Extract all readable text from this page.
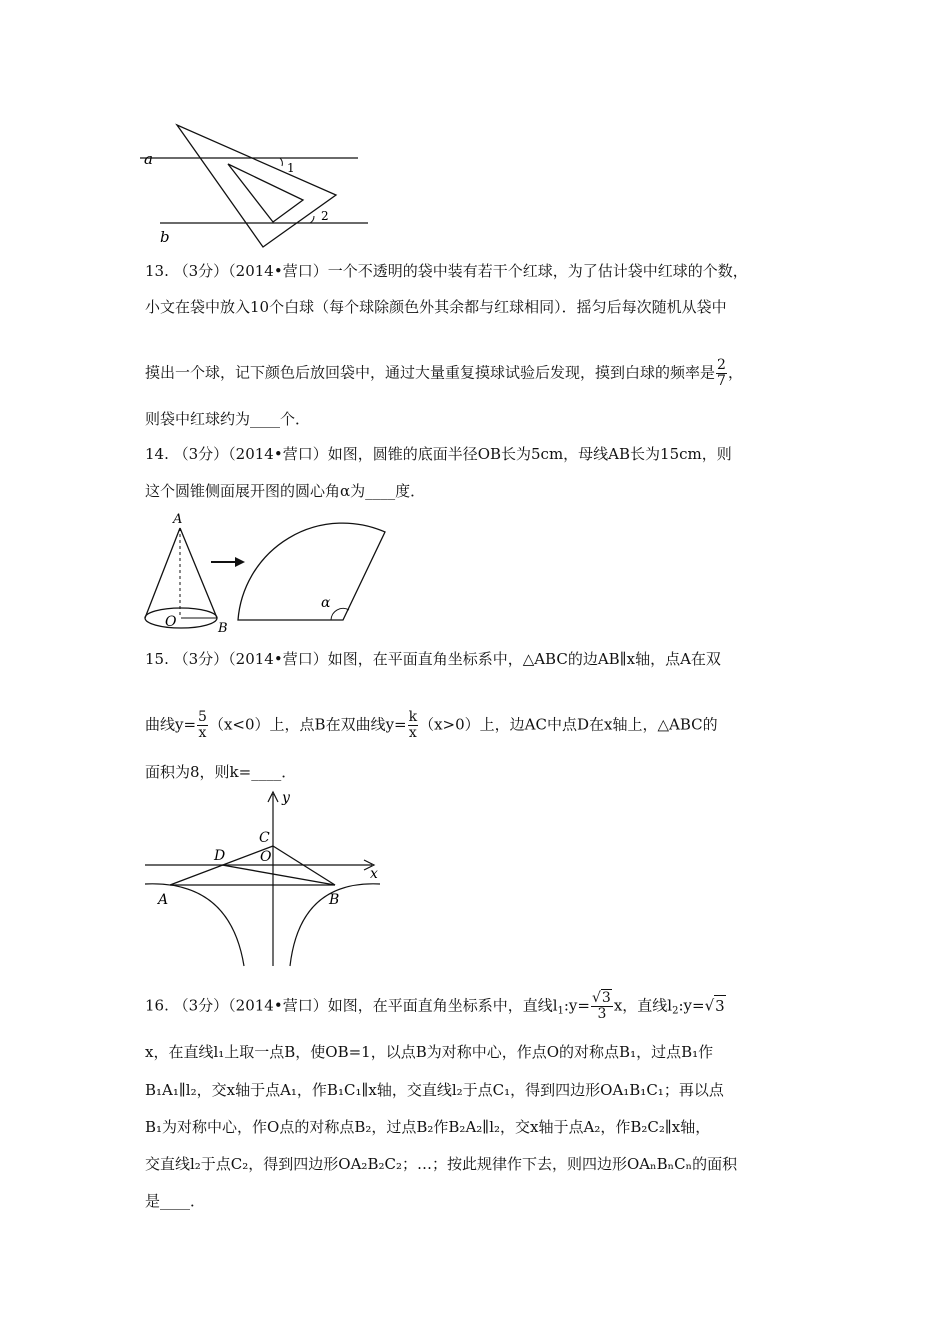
a
b
1
2
13. （3分）（2014•营口）一个不透明的袋中装有若干个红球，为了估计袋中红球的个数，
小文在袋中放入10个白球（每个球除颜色外其余都与红球相同）．摇匀后每次随机从袋中
摸出一个球，记下颜色后放回袋中，通过大量重复摸球试验后发现，摸到白球的频率是 $\frac{2}{7}$ ，
则袋中红球约为____个．
14. （3分）（2014•营口）如图，圆锥的底面半径OB长为5cm，母线AB长为15cm，则
这个圆锥侧面展开图的圆心角α为____度．
A
O	B
α
15. （3分）（2014•营口）如图，在平面直角坐标系中，△ABC的边AB∥x轴，点A在双
曲线$y= \frac{5}{x} (x<0)$上，点B在双曲线$y= \frac{k}{x} (x>0)$上，边AC中点D在x轴上，△ABC的
面积为8，则k=____．
y
x
C
D O
A	B
16. （3分）（2014•营口）如图，在平面直角坐标系中，直线$l_1:y= \frac{√3}{3}$ x，直线$l_2:y=√3$
x，在直线l₁上取一点B，使OB=1，以点B为对称中心，作点O的对称点B₁，过点B₁作
B₁A₁∥l₂，交x轴于点A₁，作B₁C₁∥x轴，交直线l₂于点C₁，得到四边形OA₁B₁C₁；再以点
B₁为对称中心，作O点的对称点B₂，过点B₂作B₂A₂∥l₂，交x轴于点A₂，作B₂C₂∥x轴，
交直线l₂于点C₂，得到四边形OA₂B₂C₂；…；按此规律作下去，则四边形OAₙBₙCₙ的面积
是____．
